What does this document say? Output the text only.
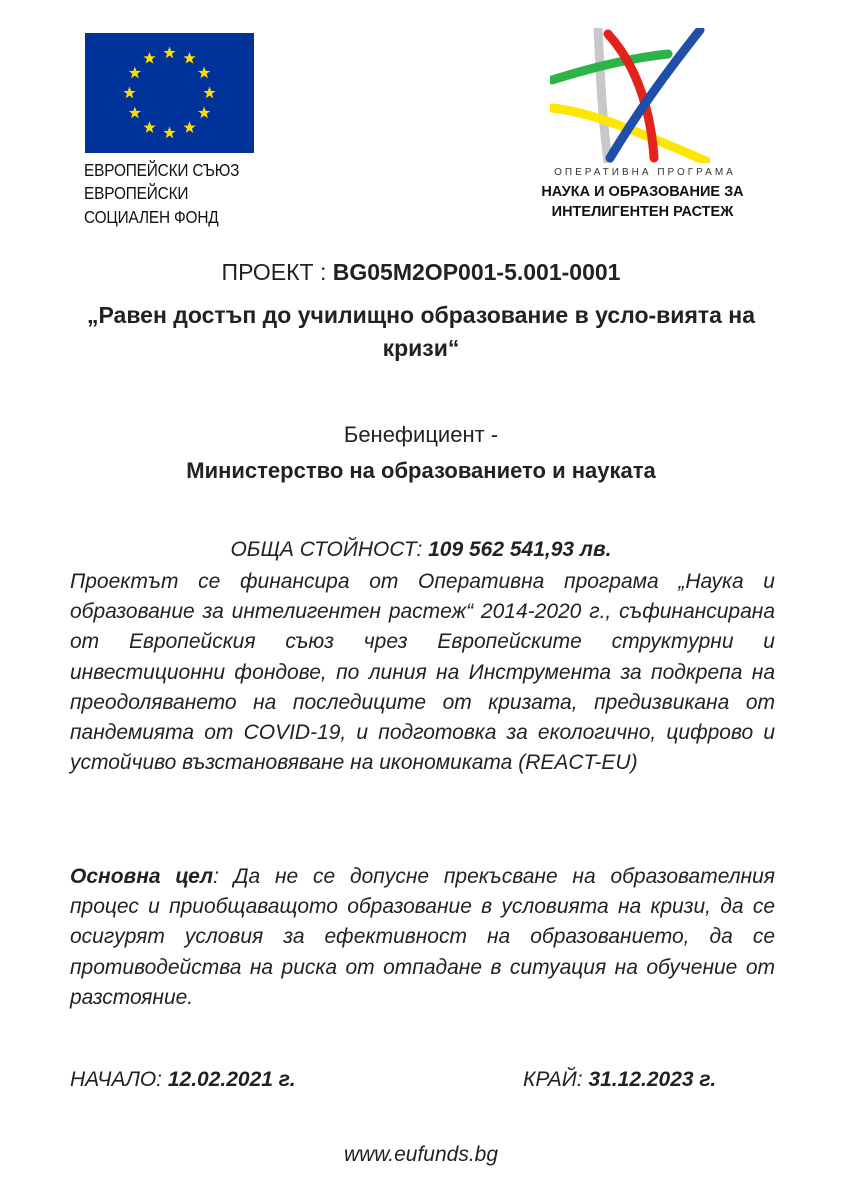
ЕВРОПЕЙСКИ СЪЮЗ
ЕВРОПЕЙСКИ
СОЦИАЛЕН ФОНД
ОПЕРАТИВНА ПРОГРАМА
НАУКА И ОБРАЗОВАНИЕ ЗА
ИНТЕЛИГЕНТЕН РАСТЕЖ
ПРОЕКТ : BG05M2OP001-5.001-0001
„Равен достъп до училищно образование в усло-вията на кризи“
Бенефициент -
Министерство на образованието и науката
ОБЩА СТОЙНОСТ: 109 562 541,93 лв.
Проектът се финансира от Оперативна програма „Наука и образование за интелигентен растеж“ 2014-2020 г., съфинансирана от Европейския съюз чрез Европейските структурни и инвестиционни фондове, по линия на Инструмента за подкрепа на преодоляването на последиците от кризата, предизвикана от пандемията от COVID-19, и подготовка за екологично, цифрово и устойчиво възстановяване на икономиката (REACT-EU)
Основна цел: Да не се допусне прекъсване на образователния процес и приобщаващото образование в условията на кризи, да се осигурят условия за ефективност на образованието, да се противодейства на риска от отпадане в ситуация на обучение от разстояние.
НАЧАЛО: 12.02.2021 г.	КРАЙ: 31.12.2023 г.
www.eufunds.bg
